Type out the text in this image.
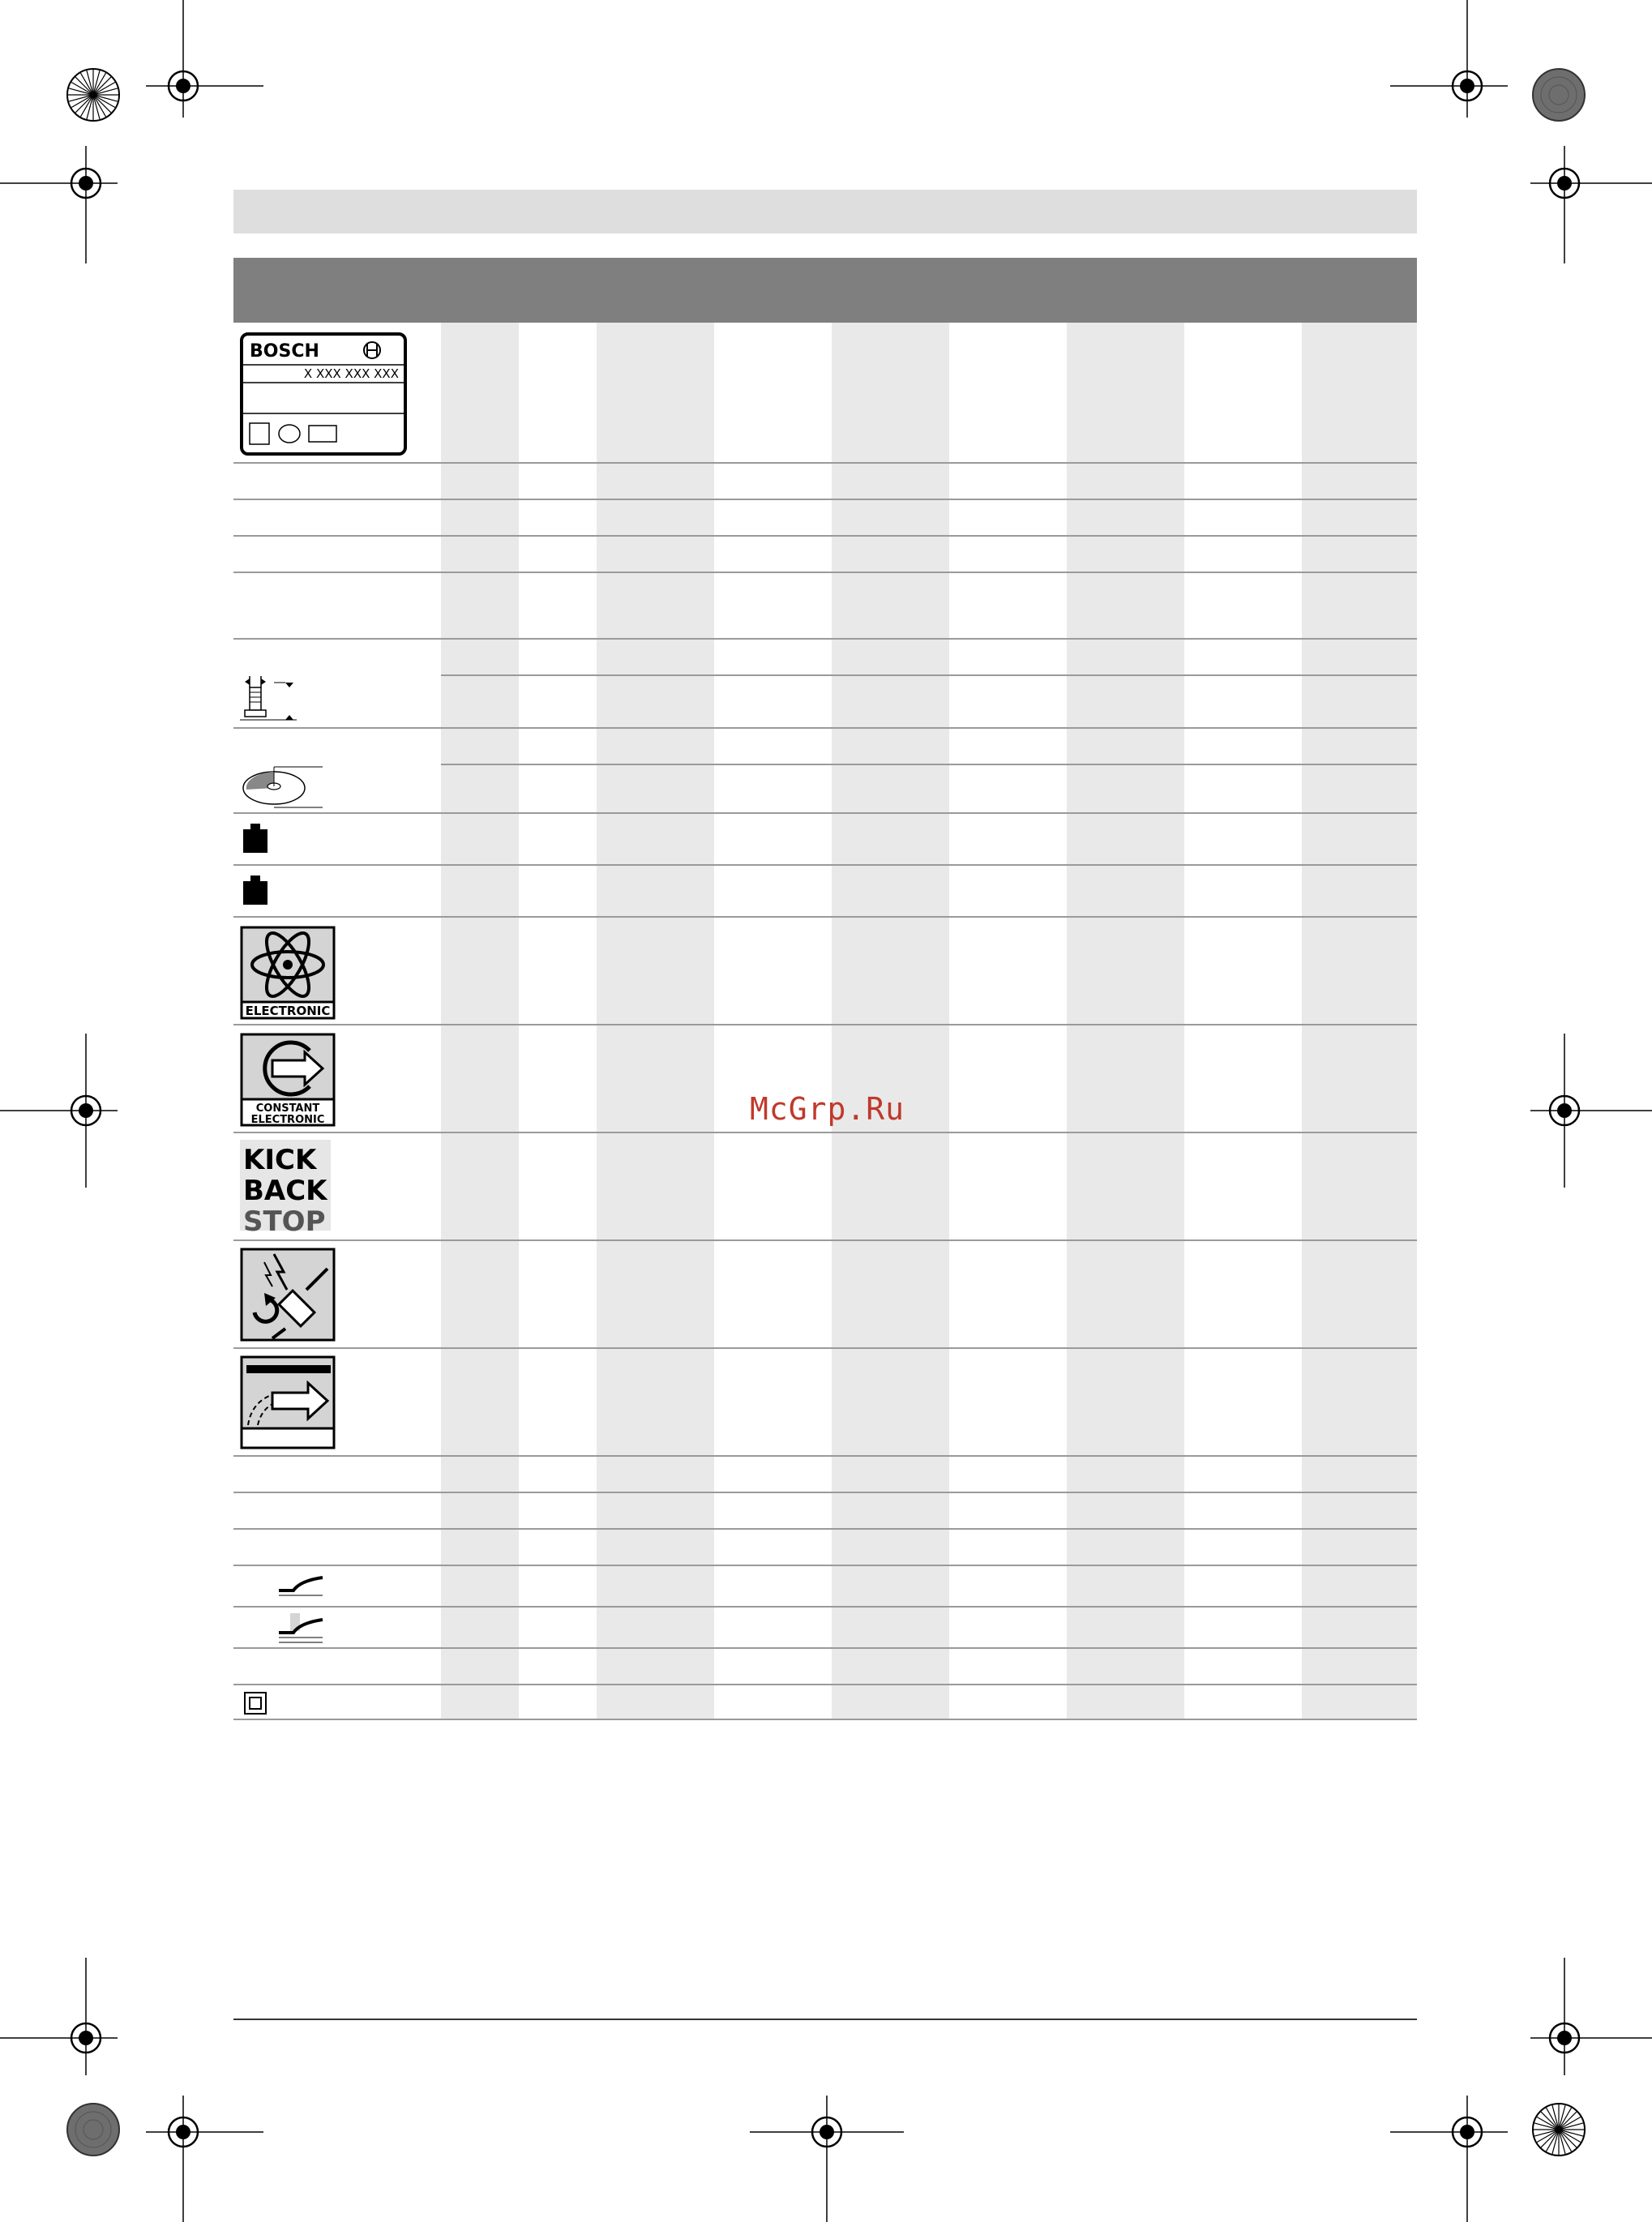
BOSCH
X XXX XXX XXX
ELECTRONIC
CONSTANT
ELECTRONIC
KICK
BACK
STOP
McGrp.Ru
